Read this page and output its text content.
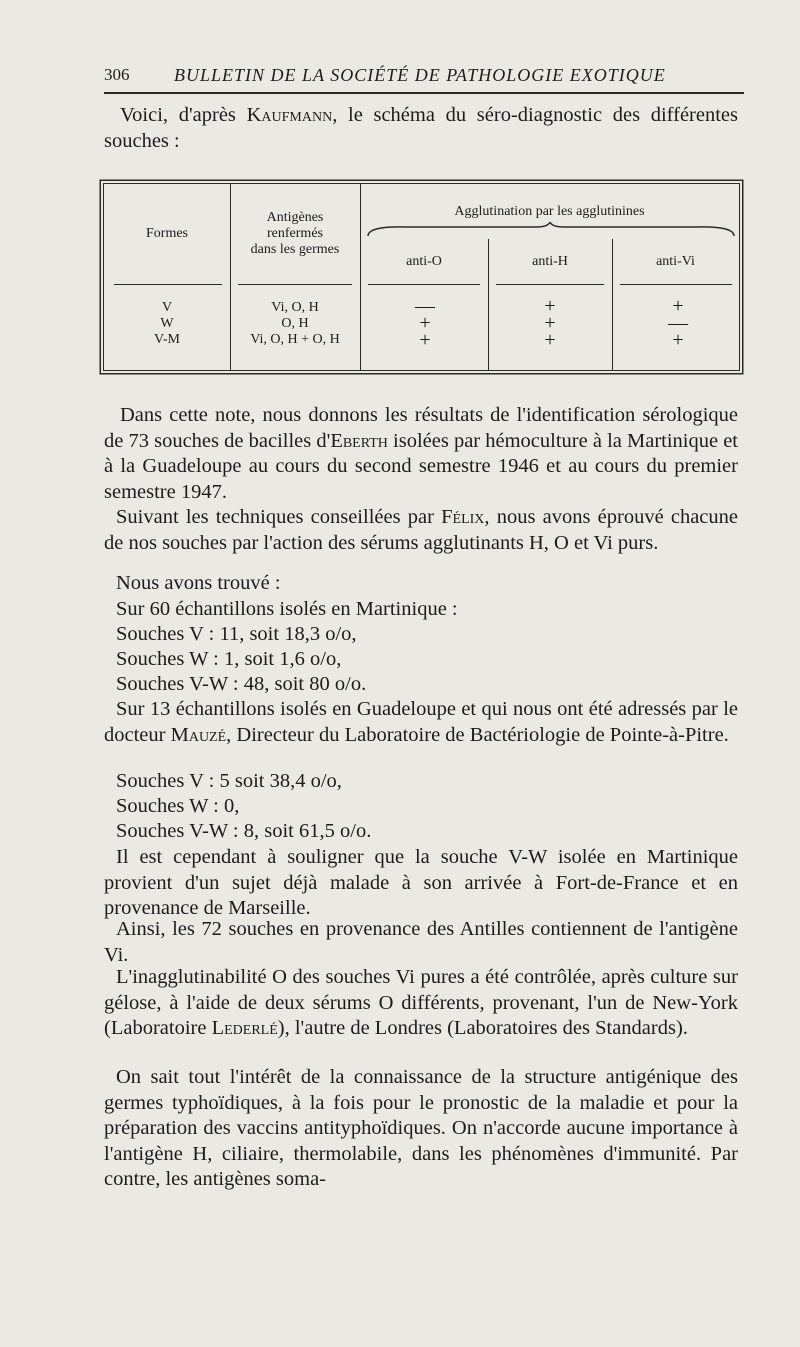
306 BULLETIN DE LA SOCIÉTÉ DE PATHOLOGIE EXOTIQUE

Voici, d'après Kaufmann, le schéma du séro-diagnostic des différentes souches :

Formes
Antigènes
renfermés
dans les germes
Agglutination par les agglutinines
anti-O	anti-H	anti-Vi
V
W
V-M
Vi, O, H
O, H
Vi, O, H + O, H
—
+
+
+
+
+
+
—
+

Dans cette note, nous donnons les résultats de l'identification sérologique de 73 souches de bacilles d'Eberth isolées par hémoculture à la Martinique et à la Guadeloupe au cours du second semestre 1946 et au cours du premier semestre 1947.

Suivant les techniques conseillées par Félix, nous avons éprouvé chacune de nos souches par l'action des sérums agglutinants H, O et Vi purs.

Nous avons trouvé :

Sur 60 échantillons isolés en Martinique :

Souches V : 11, soit 18,3 o/o,

Souches W : 1, soit 1,6 o/o,

Souches V-W : 48, soit 80 o/o.

Sur 13 échantillons isolés en Guadeloupe et qui nous ont été adressés par le docteur Mauzé, Directeur du Laboratoire de Bactériologie de Pointe-à-Pitre.

Souches V : 5 soit 38,4 o/o,

Souches W : 0,

Souches V-W : 8, soit 61,5 o/o.

Il est cependant à souligner que la souche V-W isolée en Martinique provient d'un sujet déjà malade à son arrivée à Fort-de-France et en provenance de Marseille.

Ainsi, les 72 souches en provenance des Antilles contiennent de l'antigène Vi.

L'inagglutinabilité O des souches Vi pures a été contrôlée, après culture sur gélose, à l'aide de deux sérums O différents, provenant, l'un de New-York (Laboratoire Lederlé), l'autre de Londres (Laboratoires des Standards).

On sait tout l'intérêt de la connaissance de la structure antigénique des germes typhoïdiques, à la fois pour le pronostic de la maladie et pour la préparation des vaccins antityphoïdiques. On n'accorde aucune importance à l'antigène H, ciliaire, thermolabile, dans les phénomènes d'immunité. Par contre, les antigènes soma-
